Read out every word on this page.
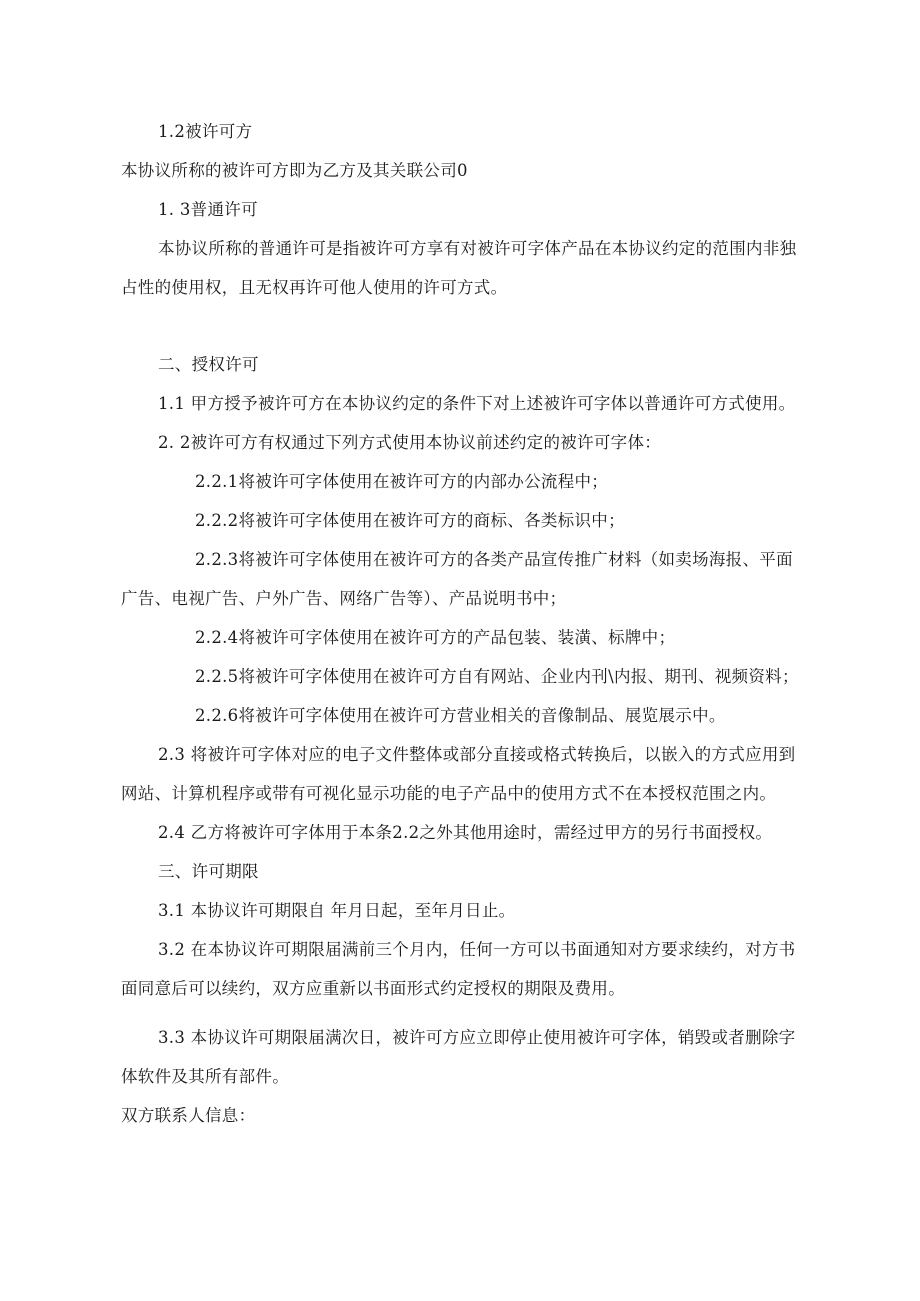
1.2被许可方
本协议所称的被许可方即为乙方及其关联公司0
1. 3普通许可
本协议所称的普通许可是指被许可方享有对被许可字体产品在本协议约定的范围内非独
占性的使用权，且无权再许可他人使用的许可方式。
二、授权许可
1.1 甲方授予被许可方在本协议约定的条件下对上述被许可字体以普通许可方式使用。
2. 2被许可方有权通过下列方式使用本协议前述约定的被许可字体：
2.2.1将被许可字体使用在被许可方的内部办公流程中；
2.2.2将被许可字体使用在被许可方的商标、各类标识中；
2.2.3将被许可字体使用在被许可方的各类产品宣传推广材料（如卖场海报、平面
广告、电视广告、户外广告、网络广告等）、产品说明书中；
2.2.4将被许可字体使用在被许可方的产品包装、装潢、标牌中；
2.2.5将被许可字体使用在被许可方自有网站、企业内刊\内报、期刊、视频资料；
2.2.6将被许可字体使用在被许可方营业相关的音像制品、展览展示中。
2.3 将被许可字体对应的电子文件整体或部分直接或格式转换后，以嵌入的方式应用到
网站、计算机程序或带有可视化显示功能的电子产品中的使用方式不在本授权范围之内。
2.4 乙方将被许可字体用于本条2.2之外其他用途时，需经过甲方的另行书面授权。
三、许可期限
3.1 本协议许可期限自 年月日起，至年月日止。
3.2 在本协议许可期限届满前三个月内，任何一方可以书面通知对方要求续约，对方书
面同意后可以续约，双方应重新以书面形式约定授权的期限及费用。
3.3 本协议许可期限届满次日，被许可方应立即停止使用被许可字体，销毁或者删除字
体软件及其所有部件。
双方联系人信息：
